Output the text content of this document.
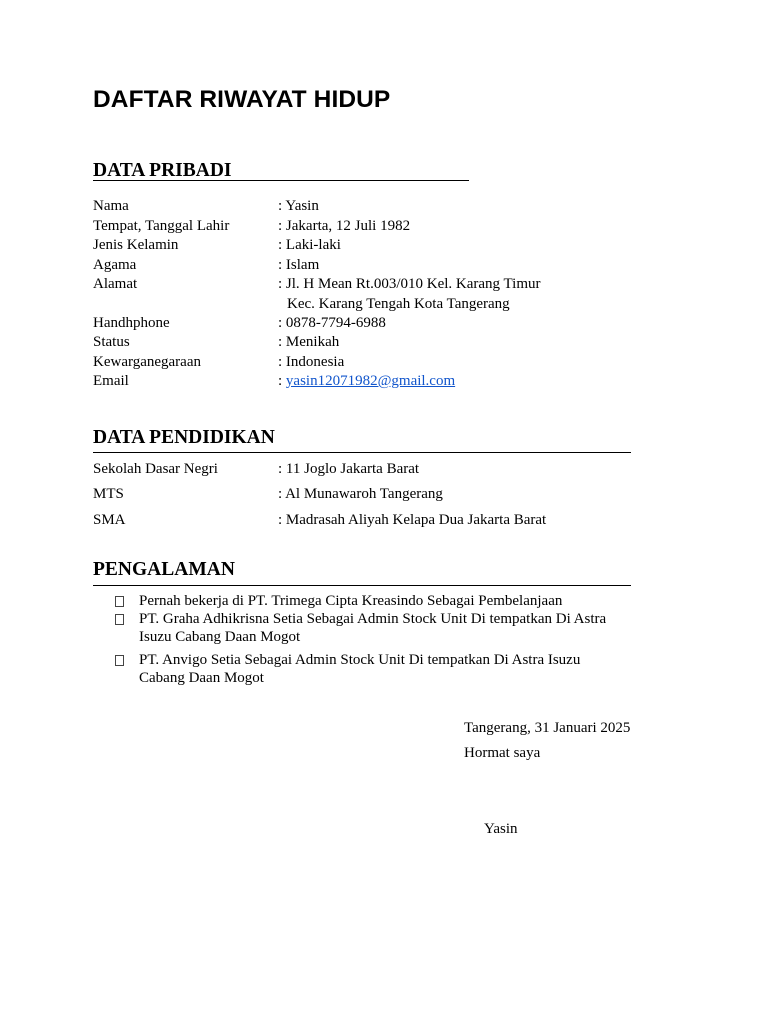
DAFTAR RIWAYAT HIDUP
DATA PRIBADI
Nama	: Yasin
Tempat, Tanggal Lahir	: Jakarta, 12 Juli 1982
Jenis Kelamin	: Laki-laki
Agama	: Islam
Alamat	: Jl. H Mean Rt.003/010 Kel. Karang Timur
Kec. Karang Tengah Kota Tangerang
Handhphone	: 0878-7794-6988
Status	: Menikah
Kewarganegaraan	: Indonesia
Email	: yasin12071982@gmail.com
DATA PENDIDIKAN
Sekolah Dasar Negri	: 11 Joglo Jakarta Barat
MTS	: Al Munawaroh Tangerang
SMA	: Madrasah Aliyah Kelapa Dua Jakarta Barat
PENGALAMAN
Pernah bekerja di PT. Trimega Cipta Kreasindo Sebagai Pembelanjaan
PT. Graha Adhikrisna Setia Sebagai Admin Stock Unit Di tempatkan Di Astra
Isuzu Cabang Daan Mogot
PT. Anvigo Setia Sebagai Admin Stock Unit Di tempatkan Di Astra Isuzu
Cabang Daan Mogot
Tangerang, 31 Januari 2025
Hormat saya
Yasin
